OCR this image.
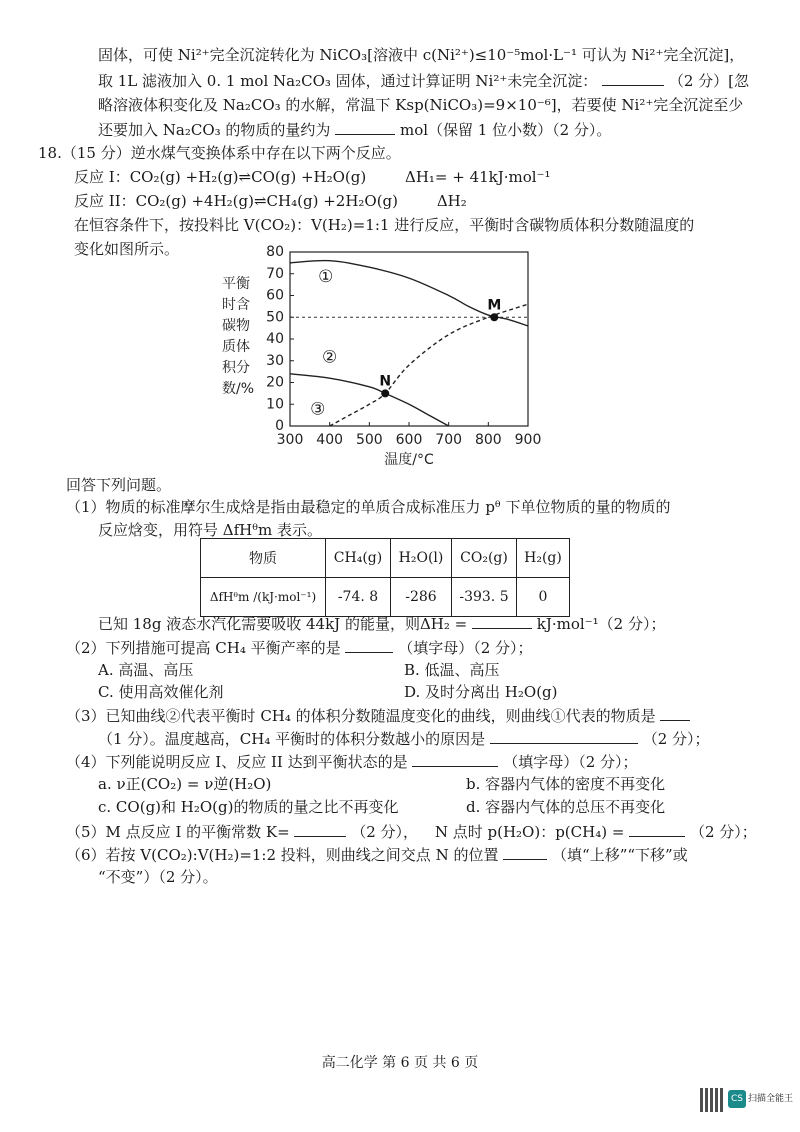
固体，可使 Ni²⁺完全沉淀转化为 NiCO₃[溶液中 c(Ni²⁺)≤10⁻⁵mol·L⁻¹ 可认为 Ni²⁺完全沉淀]，
取 1L 滤液加入 0. 1 mol Na₂CO₃ 固体，通过计算证明 Ni²⁺未完全沉淀：	（2 分）[忽
略溶液体积变化及 Na₂CO₃ 的水解，常温下 Ksp(NiCO₃)=9×10⁻⁶]，若要使 Ni²⁺完全沉淀至少
还要加入 Na₂CO₃ 的物质的量约为	mol（保留 1 位小数）（2 分）。
18.（15 分）逆水煤气变换体系中存在以下两个反应。
反应 I：CO₂(g) +H₂(g)⇌CO(g) +H₂O(g)	ΔH₁= + 41kJ·mol⁻¹
反应 II：CO₂(g) +4H₂(g)⇌CH₄(g) +2H₂O(g)	ΔH₂
在恒容条件下，按投料比 V(CO₂)：V(H₂)=1:1 进行反应，平衡时含碳物质体积分数随温度的
变化如图所示。
0
10
20
30
40
50
60
70
80
300 400 500 600 700 800 900
平衡
时含
碳物
质体
积分
数/%
温度/°C
①
②
③
M
N
回答下列问题。
（1）物质的标准摩尔生成焓是指由最稳定的单质合成标准压力 pᶿ 下单位物质的量的物质的
反应焓变，用符号 ΔfHᶿm 表示。
物质	CH₄(g)	H₂O(l)	CO₂(g)	H₂(g)
ΔfHᶿm /(kJ·mol⁻¹)	-74. 8	-286	-393. 5	0
已知 18g 液态水汽化需要吸收 44kJ 的能量，则ΔH₂ =	kJ·mol⁻¹（2 分）；
（2）下列措施可提高 CH₄ 平衡产率的是	（填字母）（2 分）；
A. 高温、高压	B. 低温、高压
C. 使用高效催化剂	D. 及时分离出 H₂O(g)
（3）已知曲线②代表平衡时 CH₄ 的体积分数随温度变化的曲线，则曲线①代表的物质是
（1 分）。温度越高，CH₄ 平衡时的体积分数越小的原因是	（2 分）；
（4）下列能说明反应 I、反应 II 达到平衡状态的是	（填字母）（2 分）；
a. ν正(CO₂) = ν逆(H₂O)	b. 容器内气体的密度不再变化
c. CO(g)和 H₂O(g)的物质的量之比不再变化	d. 容器内气体的总压不再变化
（5）M 点反应 I 的平衡常数 K=	（2 分）， N 点时 p(H₂O)：p(CH₄) =	（2 分）；
（6）若按 V(CO₂):V(H₂)=1:2 投料，则曲线之间交点 N 的位置	（填“上移”“下移”或
“不变”）（2 分）。
高二化学 第 6 页 共 6 页
CS 扫描全能王
